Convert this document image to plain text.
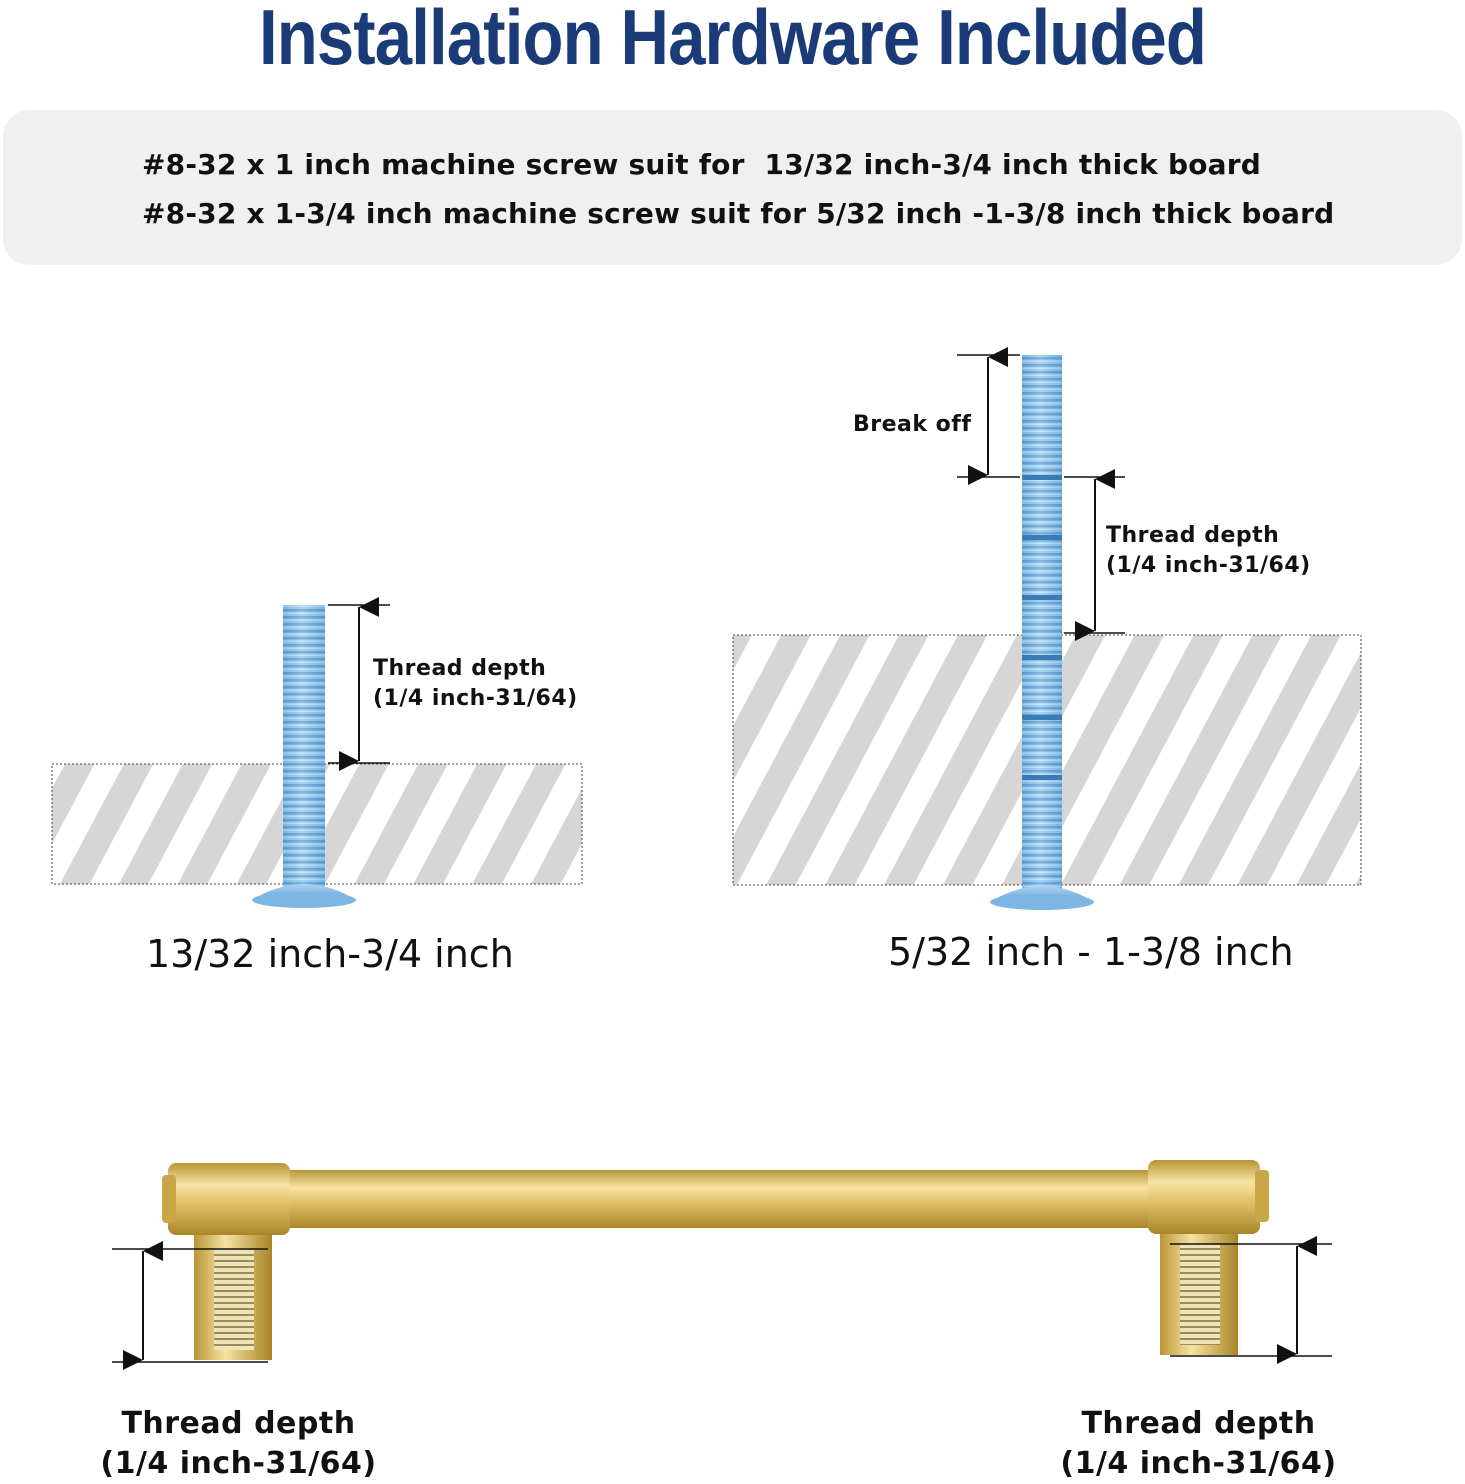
Installation Hardware Included
#8-32 x 1 inch machine screw suit for  13/32 inch-3/4 inch thick board
#8-32 x 1-3/4 inch machine screw suit for 5/32 inch -1-3/8 inch thick board
Thread depth
(1/4 inch-31/64)
13/32 inch-3/4 inch
Break off
Thread depth
(1/4 inch-31/64)
5/32 inch - 1-3/8 inch
Thread depth
(1/4 inch-31/64)
Thread depth
(1/4 inch-31/64)
